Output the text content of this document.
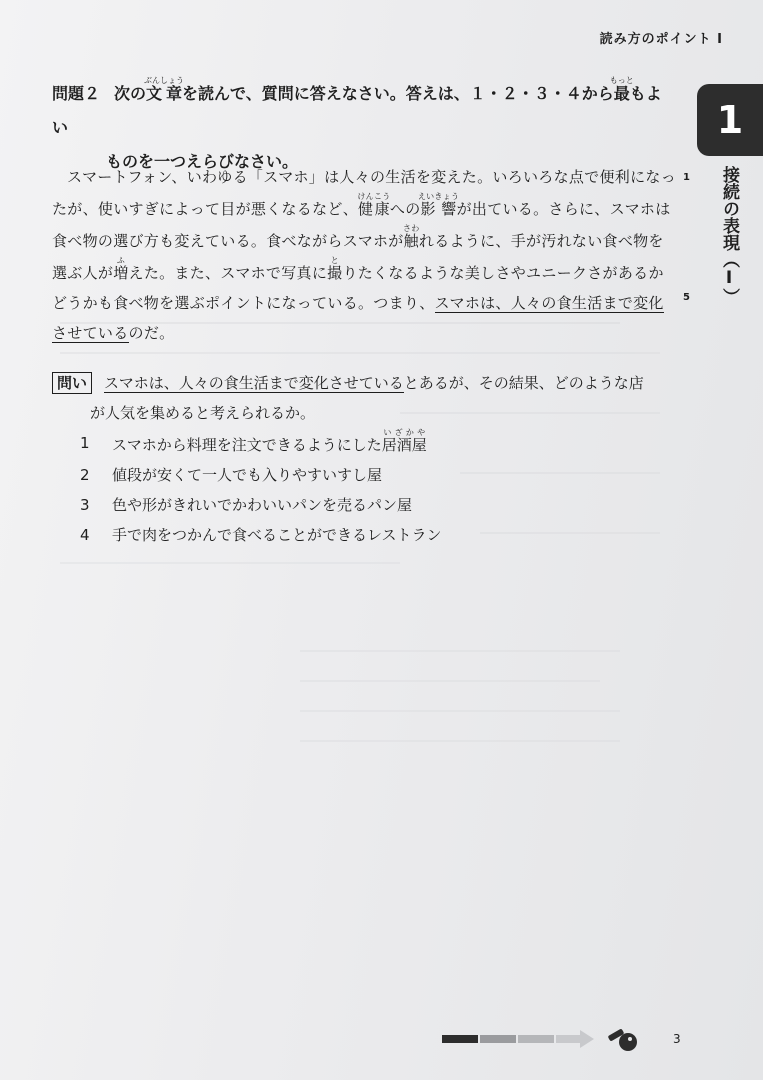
読み方のポイント Ⅰ
1
接続の表現（Ⅰ）
1
5
問題２ 次の文章ぶんしょうを読んで、質問に答えなさい。答えは、１・２・３・４から最もっともよい
ものを一つえらびなさい。
スマートフォン、いわゆる「スマホ」は人々の生活を変えた。いろいろな点で便利になっ
たが、使いすぎによって目が悪くなるなど、健康けんこうへの影響えいきょうが出ている。さらに、スマホは
食べ物の選び方も変えている。食べながらスマホが触さわれるように、手が汚れない食べ物を
選ぶ人が増ふえた。また、スマホで写真に撮とりたくなるような美しさやユニークさがあるか
どうかも食べ物を選ぶポイントになっている。つまり、スマホは、人々の食生活まで変化
させているのだ。
問い スマホは、人々の食生活まで変化させているとあるが、その結果、どのような店
が人気を集めると考えられるか。
1	スマホから料理を注文できるようにした居酒屋いざかや
2	値段が安くて一人でも入りやすいすし屋
3	色や形がきれいでかわいいパンを売るパン屋
4	手で肉をつかんで食べることができるレストラン
3
